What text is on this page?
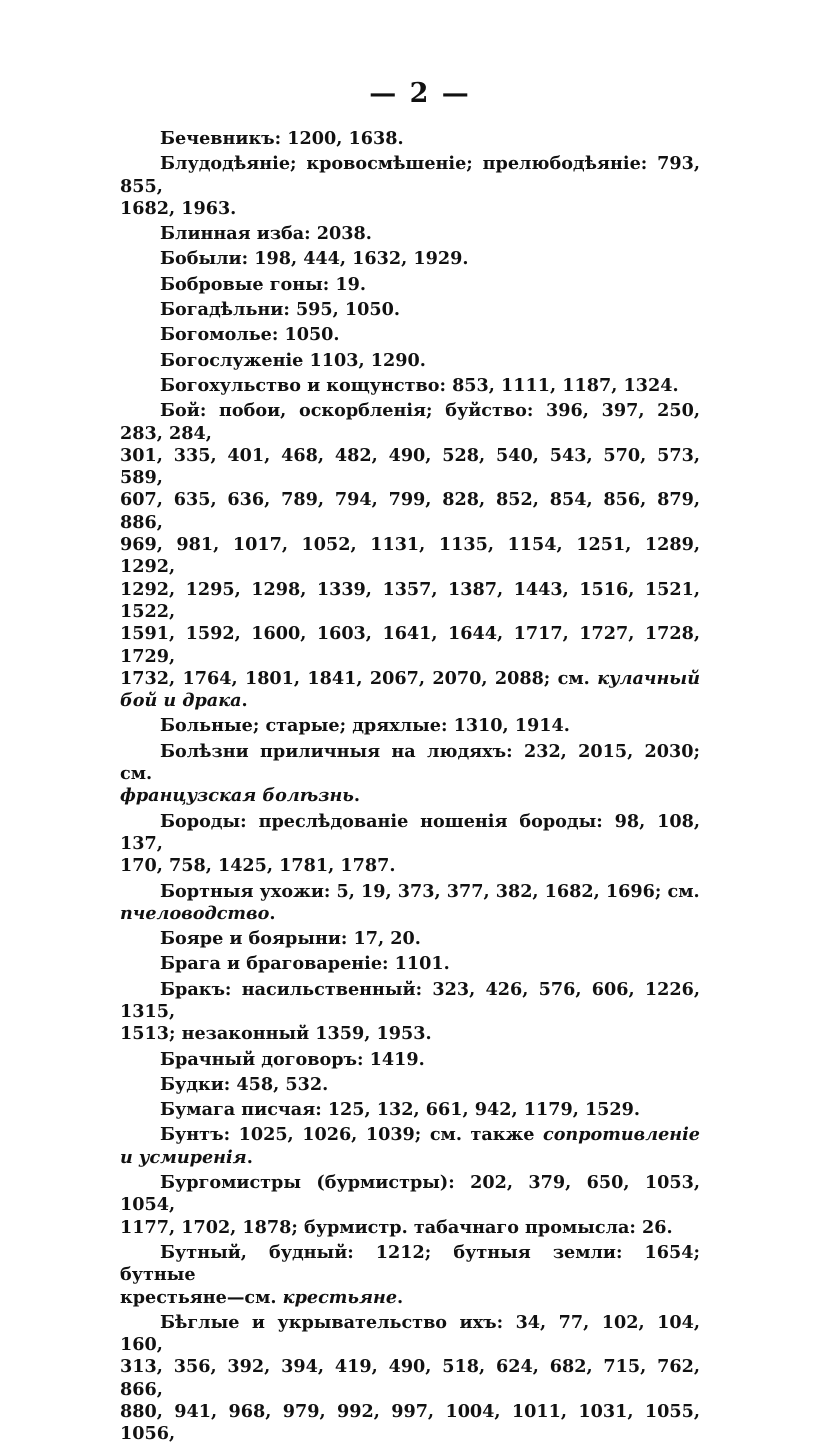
— 2 —
Бечевникъ: 1200, 1638.
Блудодѣяніе; кровосмѣшеніе; прелюбодѣяніе: 793, 855,
1682, 1963.
Блинная изба: 2038.
Бобыли: 198, 444, 1632, 1929.
Бобровые гоны: 19.
Богадѣльни: 595, 1050.
Богомолье: 1050.
Богослуженіе 1103, 1290.
Богохульство и кощунство: 853, 1111, 1187, 1324.
Бой: побои, оскорбленія; буйство: 396, 397, 250, 283, 284,
301, 335, 401, 468, 482, 490, 528, 540, 543, 570, 573, 589,
607, 635, 636, 789, 794, 799, 828, 852, 854, 856, 879, 886,
969, 981, 1017, 1052, 1131, 1135, 1154, 1251, 1289, 1292,
1292, 1295, 1298, 1339, 1357, 1387, 1443, 1516, 1521, 1522,
1591, 1592, 1600, 1603, 1641, 1644, 1717, 1727, 1728, 1729,
1732, 1764, 1801, 1841, 2067, 2070, 2088; см. кулачный бой и драка.
Больные; старые; дряхлые: 1310, 1914.
Болѣзни приличныя на людяхъ: 232, 2015, 2030; см.
французская болѣзнь.
Бороды: преслѣдованіе ношенія бороды: 98, 108, 137,
170, 758, 1425, 1781, 1787.
Бортныя ухожи: 5, 19, 373, 377, 382, 1682, 1696; см.
пчеловодство.
Бояре и боярыни: 17, 20.
Брага и браговареніе: 1101.
Бракъ: насильственный: 323, 426, 576, 606, 1226, 1315,
1513; незаконный 1359, 1953.
Брачный договоръ: 1419.
Будки: 458, 532.
Бумага писчая: 125, 132, 661, 942, 1179, 1529.
Бунтъ: 1025, 1026, 1039; см. также сопротивленіе и усмиренія.
Бургомистры (бурмистры): 202, 379, 650, 1053, 1054,
1177, 1702, 1878; бурмистр. табачнаго промысла: 26.
Бутный, будный: 1212; бутныя земли: 1654; бутные
крестьяне—см. крестьяне.
Бѣглые и укрывательство ихъ: 34, 77, 102, 104, 160,
313, 356, 392, 394, 419, 490, 518, 624, 682, 715, 762, 866,
880, 941, 968, 979, 992, 997, 1004, 1011, 1031, 1055, 1056,
